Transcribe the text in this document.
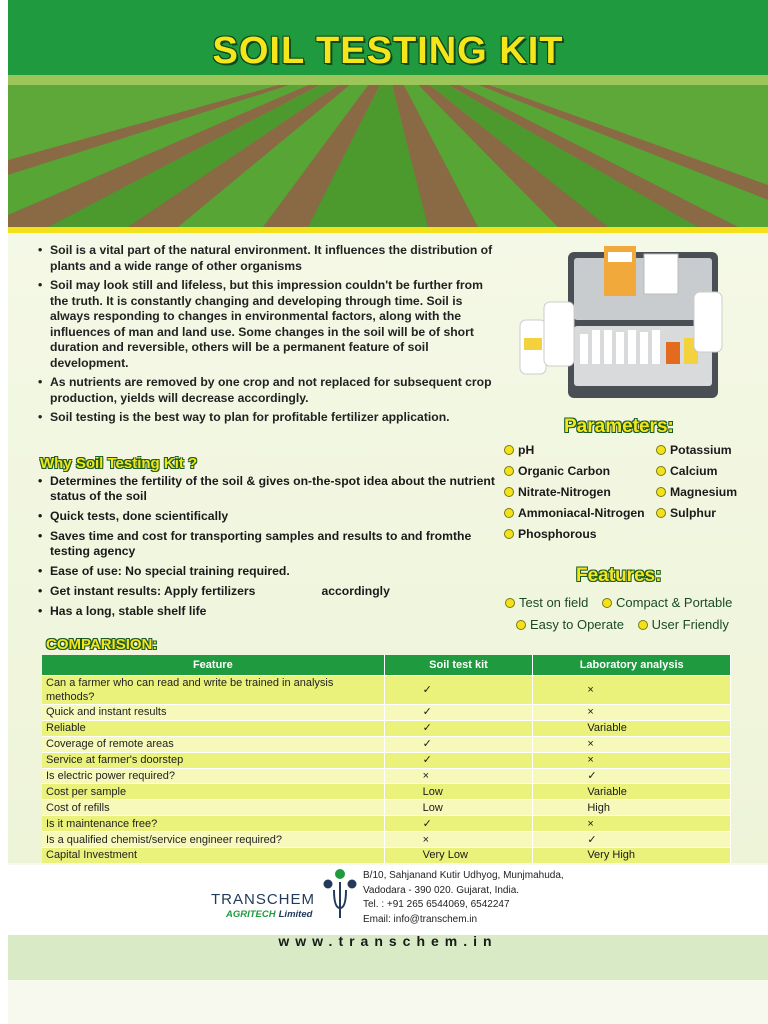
SOIL TESTING KIT
• Soil is a vital part of the natural environment. It influences the distribution of plants and a wide range of other organisms
• Soil may look still and lifeless, but this impression couldn't be further from the truth. It is constantly changing and developing through time. Soil is always responding to changes in environmental factors, along with the influences of man and land use. Some changes in the soil will be of short duration and reversible, others will be a permanent feature of soil development.
• As nutrients are removed by one crop and not replaced for subsequent crop production, yields will decrease accordingly.
• Soil testing is the best way to plan for profitable fertilizer application.
Why Soil Testing Kit ?
• Determines the fertility of the soil & gives on-the-spot idea about the nutrient status of the soil
• Quick tests, done scientifically
• Saves time and cost for transporting samples and results to and fromthe testing agency
• Ease of use: No special training required.
• Get instant results: Apply fertilizers	accordingly
• Has a long, stable shelf life
Parameters:
pH
Organic Carbon
Nitrate-Nitrogen
Ammoniacal-Nitrogen
Phosphorous
Potassium
Calcium
Magnesium
Sulphur
Features:
Test on field Compact & Portable
Easy to Operate User Friendly
COMPARISION:
Feature	Soil test kit	Laboratory analysis
Can a farmer who can read and write be trained in analysis methods?	✓	×
Quick and instant results	✓	×
Reliable	✓	Variable
Coverage of remote areas	✓	×
Service at farmer's doorstep	✓	×
Is electric power required?	×	✓
Cost per sample	Low	Variable
Cost of refills	Low	High
Is it maintenance free?	✓	×
Is a qualified chemist/service engineer required?	×	✓
Capital Investment	Very Low	Very High
TRANSCHEM
AGRITECH Limited
B/10, Sahjanand Kutir Udhyog, Munjmahuda,
Vadodara - 390 020. Gujarat, India.
Tel. : +91 265 6544069, 6542247
Email: info@transchem.in
www.transchem.in
